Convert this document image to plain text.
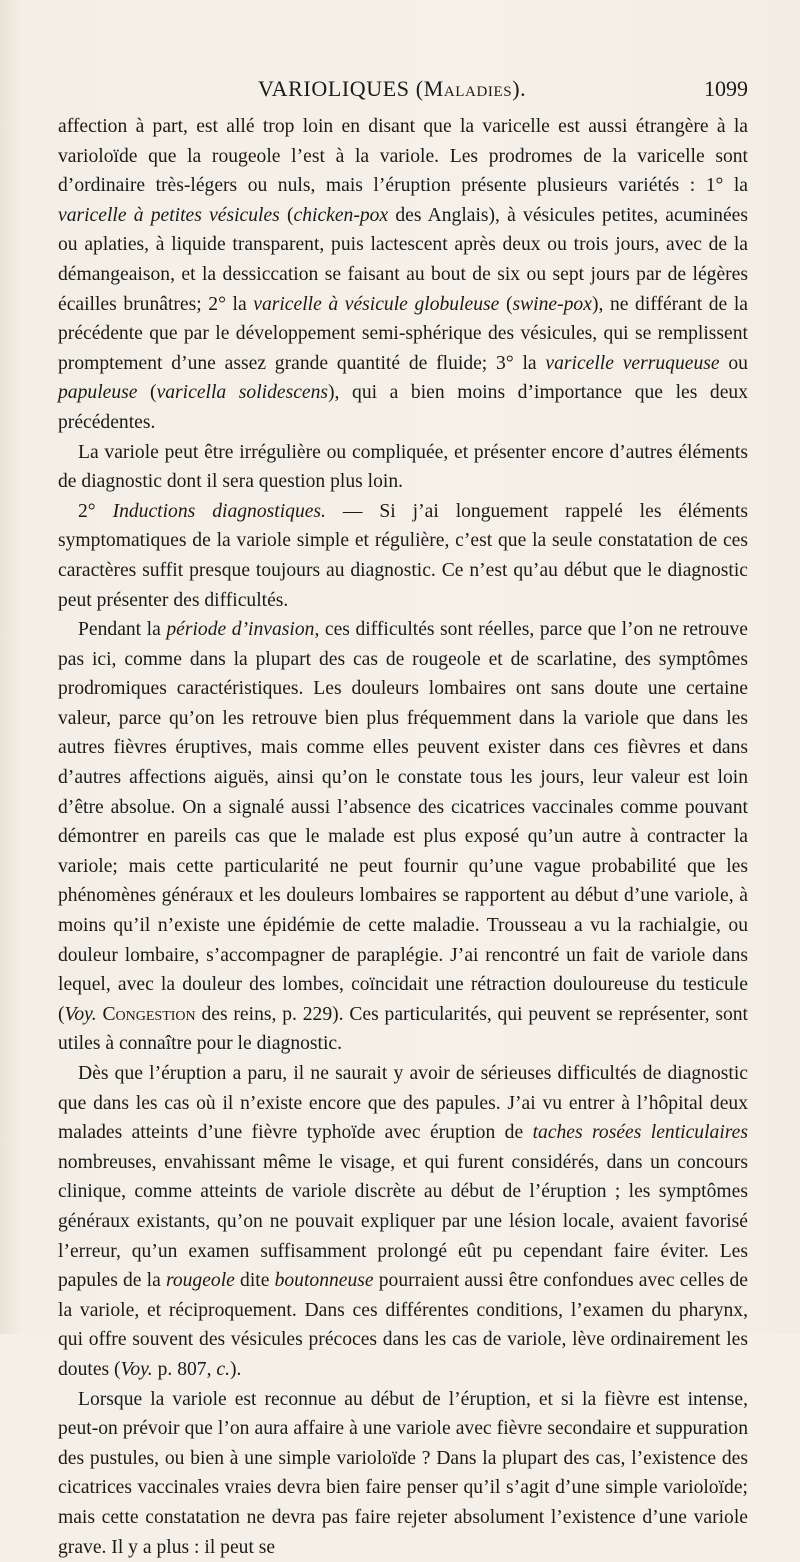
VARIOLIQUES (Maladies).	1099

affection à part, est allé trop loin en disant que la varicelle est aussi étrangère à la varioloïde que la rougeole l’est à la variole. Les prodromes de la varicelle sont d’ordinaire très-légers ou nuls, mais l’éruption présente plusieurs variétés : 1° la varicelle à petites vésicules (chicken-pox des Anglais), à vésicules petites, acuminées ou aplaties, à liquide transparent, puis lactescent après deux ou trois jours, avec de la démangeaison, et la dessiccation se faisant au bout de six ou sept jours par de légères écailles brunâtres; 2° la varicelle à vésicule globuleuse (swine-pox), ne différant de la précédente que par le développement semi-sphérique des vésicules, qui se remplissent promptement d’une assez grande quantité de fluide; 3° la varicelle verruqueuse ou papuleuse (varicella solidescens), qui a bien moins d’importance que les deux précédentes.

La variole peut être irrégulière ou compliquée, et présenter encore d’autres éléments de diagnostic dont il sera question plus loin.

2° Inductions diagnostiques. — Si j’ai longuement rappelé les éléments symptomatiques de la variole simple et régulière, c’est que la seule constatation de ces caractères suffit presque toujours au diagnostic. Ce n’est qu’au début que le diagnostic peut présenter des difficultés.

Pendant la période d’invasion, ces difficultés sont réelles, parce que l’on ne retrouve pas ici, comme dans la plupart des cas de rougeole et de scarlatine, des symptômes prodromiques caractéristiques. Les douleurs lombaires ont sans doute une certaine valeur, parce qu’on les retrouve bien plus fréquemment dans la variole que dans les autres fièvres éruptives, mais comme elles peuvent exister dans ces fièvres et dans d’autres affections aiguës, ainsi qu’on le constate tous les jours, leur valeur est loin d’être absolue. On a signalé aussi l’absence des cicatrices vaccinales comme pouvant démontrer en pareils cas que le malade est plus exposé qu’un autre à contracter la variole; mais cette particularité ne peut fournir qu’une vague probabilité que les phénomènes généraux et les douleurs lombaires se rapportent au début d’une variole, à moins qu’il n’existe une épidémie de cette maladie. Trousseau a vu la rachialgie, ou douleur lombaire, s’accompagner de paraplégie. J’ai rencontré un fait de variole dans lequel, avec la douleur des lombes, coïncidait une rétraction douloureuse du testicule (Voy. Congestion des reins, p. 229). Ces particularités, qui peuvent se représenter, sont utiles à connaître pour le diagnostic.

Dès que l’éruption a paru, il ne saurait y avoir de sérieuses difficultés de diagnostic que dans les cas où il n’existe encore que des papules. J’ai vu entrer à l’hôpital deux malades atteints d’une fièvre typhoïde avec éruption de taches rosées lenticulaires nombreuses, envahissant même le visage, et qui furent considérés, dans un concours clinique, comme atteints de variole discrète au début de l’éruption ; les symptômes généraux existants, qu’on ne pouvait expliquer par une lésion locale, avaient favorisé l’erreur, qu’un examen suffisamment prolongé eût pu cependant faire éviter. Les papules de la rougeole dite boutonneuse pourraient aussi être confondues avec celles de la variole, et réciproquement. Dans ces différentes conditions, l’examen du pharynx, qui offre souvent des vésicules précoces dans les cas de variole, lève ordinairement les doutes (Voy. p. 807, c.).

Lorsque la variole est reconnue au début de l’éruption, et si la fièvre est intense, peut-on prévoir que l’on aura affaire à une variole avec fièvre secondaire et suppuration des pustules, ou bien à une simple varioloïde ? Dans la plupart des cas, l’existence des cicatrices vaccinales vraies devra bien faire penser qu’il s’agit d’une simple varioloïde; mais cette constatation ne devra pas faire rejeter absolument l’existence d’une variole grave. Il y a plus : il peut se
